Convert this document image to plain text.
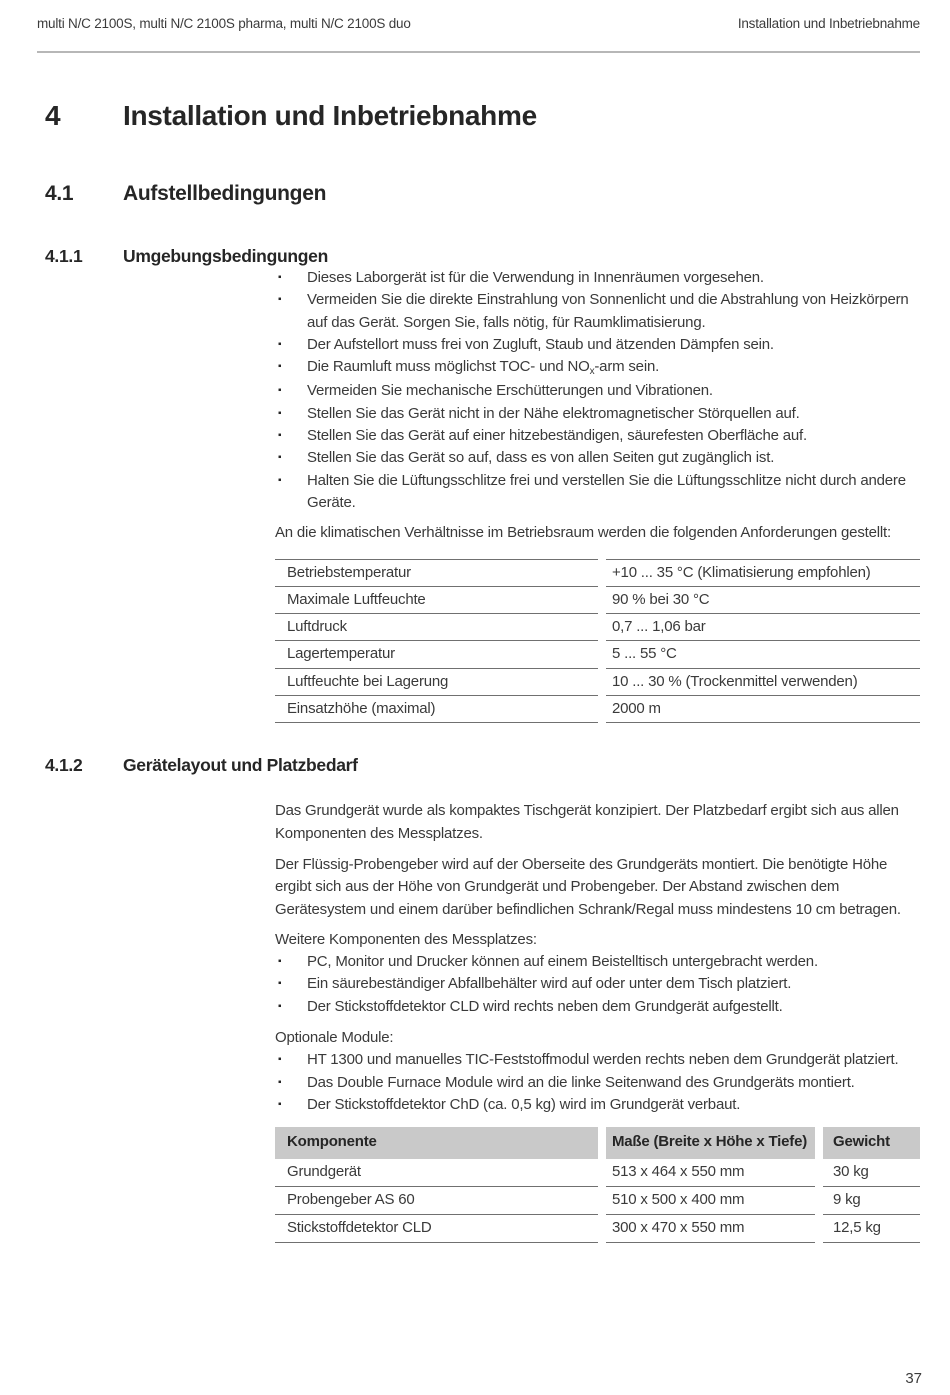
multi N/C 2100S, multi N/C 2100S pharma, multi N/C 2100S duo	Installation und Inbetriebnahme
4	Installation und Inbetriebnahme
4.1	Aufstellbedingungen
4.1.1	Umgebungsbedingungen
▪	Dieses Laborgerät ist für die Verwendung in Innenräumen vorgesehen.
▪	Vermeiden Sie die direkte Einstrahlung von Sonnenlicht und die Abstrahlung von Heizkörpern auf das Gerät. Sorgen Sie, falls nötig, für Raumklimatisierung.
▪	Der Aufstellort muss frei von Zugluft, Staub und ätzenden Dämpfen sein.
▪	Die Raumluft muss möglichst TOC- und $NO_x$-arm sein.
▪	Vermeiden Sie mechanische Erschütterungen und Vibrationen.
▪	Stellen Sie das Gerät nicht in der Nähe elektromagnetischer Störquellen auf.
▪	Stellen Sie das Gerät auf einer hitzebeständigen, säurefesten Oberfläche auf.
▪	Stellen Sie das Gerät so auf, dass es von allen Seiten gut zugänglich ist.
▪	Halten Sie die Lüftungsschlitze frei und verstellen Sie die Lüftungsschlitze nicht durch andere Geräte.

An die klimatischen Verhältnisse im Betriebsraum werden die folgenden Anforderungen gestellt:

Betriebstemperatur	+10 ... 35 °C (Klimatisierung empfohlen)
Maximale Luftfeuchte	90 % bei 30 °C
Luftdruck	0,7 ... 1,06 bar
Lagertemperatur	5 ... 55 °C
Luftfeuchte bei Lagerung	10 ... 30 % (Trockenmittel verwenden)
Einsatzhöhe (maximal)	2000 m
4.1.2	Gerätelayout und Platzbedarf

Das Grundgerät wurde als kompaktes Tischgerät konzipiert. Der Platzbedarf ergibt sich aus allen Komponenten des Messplatzes.

Der Flüssig-Probengeber wird auf der Oberseite des Grundgeräts montiert. Die benötigte Höhe ergibt sich aus der Höhe von Grundgerät und Probengeber. Der Abstand zwischen dem Gerätesystem und einem darüber befindlichen Schrank/Regal muss mindestens 10 cm betragen.

Weitere Komponenten des Messplatzes:

▪	PC, Monitor und Drucker können auf einem Beistelltisch untergebracht werden.
▪	Ein säurebeständiger Abfallbehälter wird auf oder unter dem Tisch platziert.
▪	Der Stickstoffdetektor CLD wird rechts neben dem Grundgerät aufgestellt.

Optionale Module:

▪	HT 1300 und manuelles TIC-Feststoffmodul werden rechts neben dem Grundgerät platziert.
▪	Das Double Furnace Module wird an die linke Seitenwand des Grundgeräts montiert.
▪	Der Stickstoffdetektor ChD (ca. 0,5 kg) wird im Grundgerät verbaut.
Komponente	Maße (Breite x Höhe x Tiefe)	Gewicht
Grundgerät	513 x 464 x 550 mm	30 kg
Probengeber AS 60	510 x 500 x 400 mm	9 kg
Stickstoffdetektor CLD	300 x 470 x 550 mm	12,5 kg
37
